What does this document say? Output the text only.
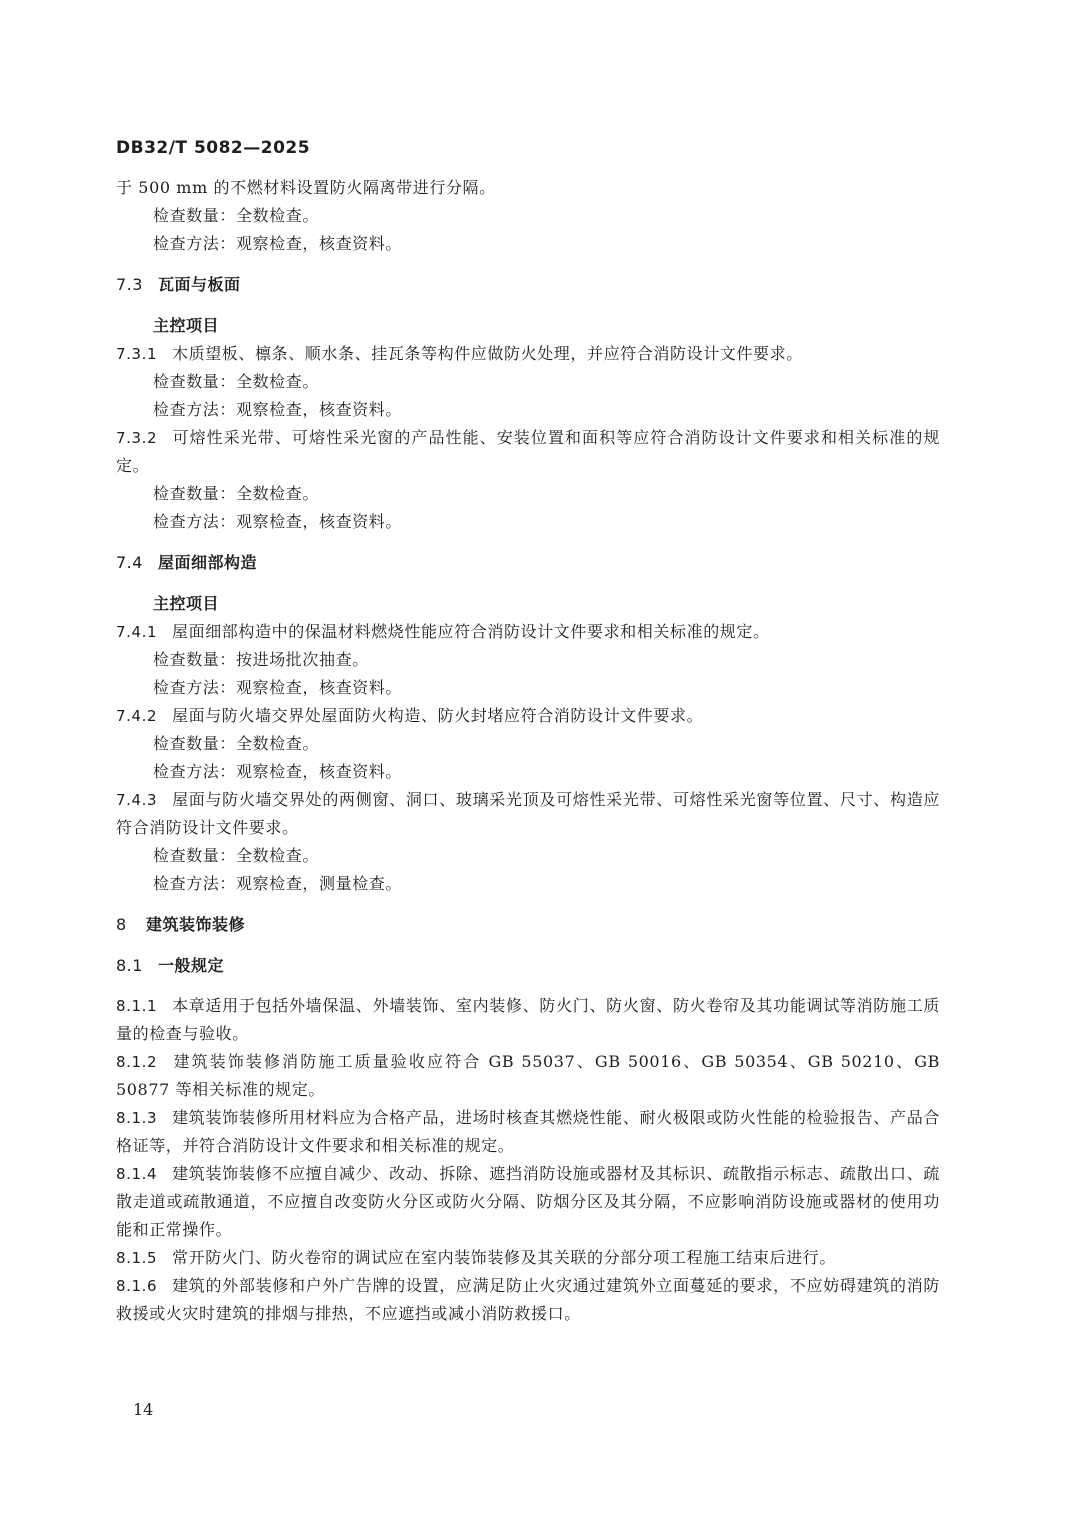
DB32/T 5082—2025
于 500 mm 的不燃材料设置防火隔离带进行分隔。
检查数量：全数检查。
检查方法：观察检查，核查资料。
7.3 瓦面与板面
主控项目
7.3.1 木质望板、檩条、顺水条、挂瓦条等构件应做防火处理，并应符合消防设计文件要求。
检查数量：全数检查。
检查方法：观察检查，核查资料。
7.3.2 可熔性采光带、可熔性采光窗的产品性能、安装位置和面积等应符合消防设计文件要求和相关标准的规定。
检查数量：全数检查。
检查方法：观察检查，核查资料。
7.4 屋面细部构造
主控项目
7.4.1 屋面细部构造中的保温材料燃烧性能应符合消防设计文件要求和相关标准的规定。
检查数量：按进场批次抽查。
检查方法：观察检查，核查资料。
7.4.2 屋面与防火墙交界处屋面防火构造、防火封堵应符合消防设计文件要求。
检查数量：全数检查。
检查方法：观察检查，核查资料。
7.4.3 屋面与防火墙交界处的两侧窗、洞口、玻璃采光顶及可熔性采光带、可熔性采光窗等位置、尺寸、构造应符合消防设计文件要求。
检查数量：全数检查。
检查方法：观察检查，测量检查。
8 建筑装饰装修
8.1 一般规定
8.1.1 本章适用于包括外墙保温、外墙装饰、室内装修、防火门、防火窗、防火卷帘及其功能调试等消防施工质量的检查与验收。
8.1.2 建筑装饰装修消防施工质量验收应符合 GB 55037、GB 50016、GB 50354、GB 50210、GB 50877 等相关标准的规定。
8.1.3 建筑装饰装修所用材料应为合格产品，进场时核查其燃烧性能、耐火极限或防火性能的检验报告、产品合格证等，并符合消防设计文件要求和相关标准的规定。
8.1.4 建筑装饰装修不应擅自减少、改动、拆除、遮挡消防设施或器材及其标识、疏散指示标志、疏散出口、疏散走道或疏散通道，不应擅自改变防火分区或防火分隔、防烟分区及其分隔，不应影响消防设施或器材的使用功能和正常操作。
8.1.5 常开防火门、防火卷帘的调试应在室内装饰装修及其关联的分部分项工程施工结束后进行。
8.1.6 建筑的外部装修和户外广告牌的设置，应满足防止火灾通过建筑外立面蔓延的要求，不应妨碍建筑的消防救援或火灾时建筑的排烟与排热，不应遮挡或减小消防救援口。
14
